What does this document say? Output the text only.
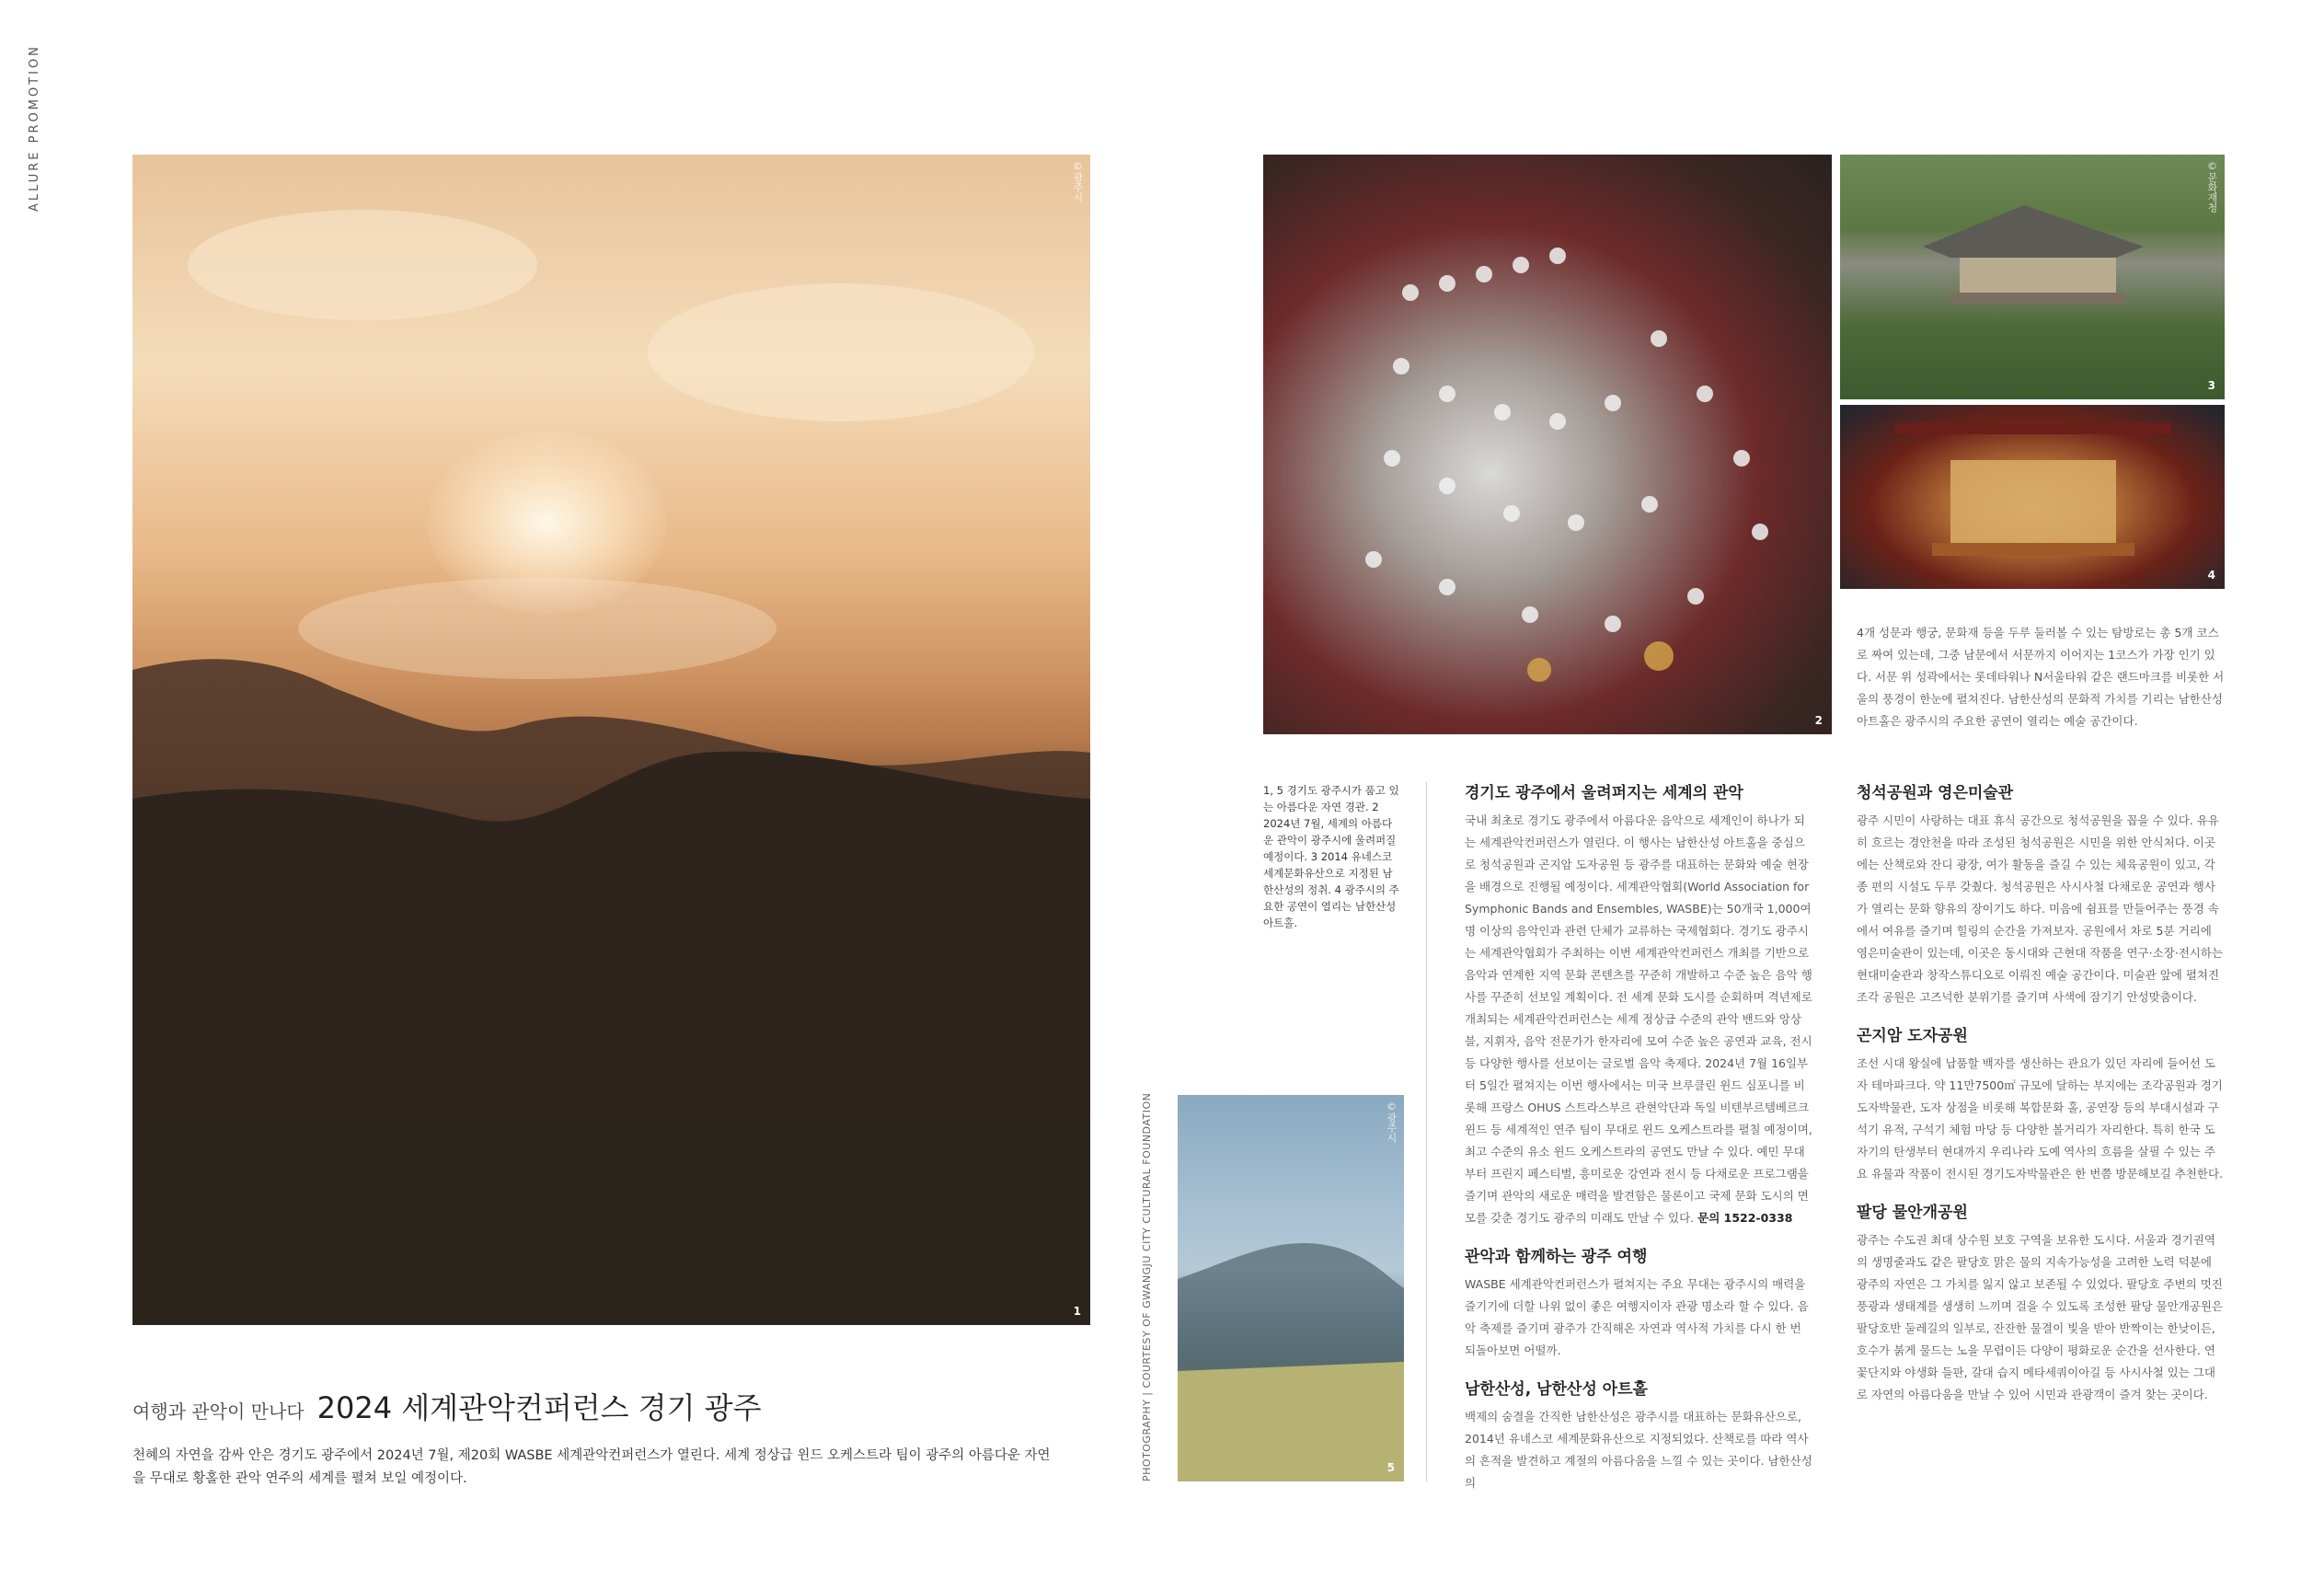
ALLURE PROMOTION	©광주시
1
여행과 관악이 만나다 2024 세계관악컨퍼런스 경기 광주
천혜의 자연을 감싸 안은 경기도 광주에서 2024년 7월, 제20회 WASBE 세계관악컨퍼런스가 열린다. 세계 정상급 윈드 오케스트라 팀이 광주의 아름다운 자연을 무대로 황홀한 관악 연주의 세계를 펼쳐 보일 예정이다.	PHOTOGRAPHY | COURTESY OF GWANGJU CITY CULTURAL FOUNDATION	©광주시
5
2
©문화재청
3
4

4개 성문과 행궁, 문화재 등을 두루 둘러볼 수 있는 탐방로는 총 5개 코스로 짜여 있는데, 그중 남문에서 서문까지 이어지는 1코스가 가장 인기 있다. 서문 위 성곽에서는 롯데타워나 N서울타워 같은 랜드마크를 비롯한 서울의 풍경이 한눈에 펼쳐진다. 남한산성의 문화적 가치를 기리는 남한산성 아트홀은 광주시의 주요한 공연이 열리는 예술 공간이다.

1, 5 경기도 광주시가 품고 있는 아름다운 자연 경관. 2 2024년 7월, 세계의 아름다운 관악이 광주시에 울려퍼질 예정이다. 3 2014 유네스코 세계문화유산으로 지정된 남한산성의 정취. 4 광주시의 주요한 공연이 열리는 남한산성 아트홀.
경기도 광주에서 울려퍼지는 세계의 관악

국내 최초로 경기도 광주에서 아름다운 음악으로 세계인이 하나가 되는 세계관악컨퍼런스가 열린다. 이 행사는 남한산성 아트홀을 중심으로 청석공원과 곤지암 도자공원 등 광주를 대표하는 문화와 예술 현장을 배경으로 진행될 예정이다. 세계관악협회(World Association for Symphonic Bands and Ensembles, WASBE)는 50개국 1,000여 명 이상의 음악인과 관련 단체가 교류하는 국제협회다. 경기도 광주시는 세계관악협회가 주최하는 이번 세계관악컨퍼런스 개최를 기반으로 음악과 연계한 지역 문화 콘텐츠를 꾸준히 개발하고 수준 높은 음악 행사를 꾸준히 선보일 계획이다. 전 세계 문화 도시를 순회하며 격년제로 개최되는 세계관악컨퍼런스는 세계 정상급 수준의 관악 밴드와 앙상블, 지휘자, 음악 전문가가 한자리에 모여 수준 높은 공연과 교육, 전시 등 다양한 행사를 선보이는 글로벌 음악 축제다. 2024년 7월 16일부터 5일간 펼쳐지는 이번 행사에서는 미국 브루클린 윈드 심포니를 비롯해 프랑스 OHUS 스트라스부르 관현악단과 독일 비텐부르템베르크 윈드 등 세계적인 연주 팀이 무대로 윈드 오케스트라를 펼칠 예정이며, 최고 수준의 유소 윈드 오케스트라의 공연도 만날 수 있다. 예민 무대부터 프린지 페스티벌, 흥미로운 강연과 전시 등 다채로운 프로그램을 즐기며 관악의 새로운 매력을 발견함은 물론이고 국제 문화 도시의 면모를 갖춘 경기도 광주의 미래도 만날 수 있다. 문의 1522-0338

관악과 함께하는 광주 여행

WASBE 세계관악컨퍼런스가 펼쳐지는 주요 무대는 광주시의 매력을 즐기기에 더할 나위 없이 좋은 여행지이자 관광 명소라 할 수 있다. 음악 축제를 즐기며 광주가 간직해온 자연과 역사적 가치를 다시 한 번 되돌아보면 어떨까.

남한산성, 남한산성 아트홀

백제의 숨결을 간직한 남한산성은 광주시를 대표하는 문화유산으로, 2014년 유네스코 세계문화유산으로 지정되었다. 산책로를 따라 역사의 흔적을 발견하고 계절의 아름다움을 느낄 수 있는 곳이다. 남한산성의

청석공원과 영은미술관

광주 시민이 사랑하는 대표 휴식 공간으로 청석공원을 꼽을 수 있다. 유유히 흐르는 경안천을 따라 조성된 청석공원은 시민을 위한 안식처다. 이곳에는 산책로와 잔디 광장, 여가 활동을 즐길 수 있는 체육공원이 있고, 각종 편의 시설도 두루 갖췄다. 청석공원은 사시사철 다채로운 공연과 행사가 열리는 문화 향유의 장이기도 하다. 미음에 쉼표를 만들어주는 풍경 속에서 여유를 즐기며 힐링의 순간을 가져보자. 공원에서 차로 5분 거리에 영은미술관이 있는데, 이곳은 동시대와 근현대 작품을 연구·소장·전시하는 현대미술관과 창작스튜디오로 이뤄진 예술 공간이다. 미술관 앞에 펼쳐진 조각 공원은 고즈넉한 분위기를 즐기며 사색에 잠기기 안성맞춤이다.

곤지암 도자공원

조선 시대 왕실에 납품할 백자를 생산하는 관요가 있던 자리에 들어선 도자 테마파크다. 약 11만7500㎡ 규모에 달하는 부지에는 조각공원과 경기도자박물관, 도자 상점을 비롯해 복합문화 홀, 공연장 등의 부대시설과 구석기 유적, 구석기 체험 마당 등 다양한 볼거리가 자리한다. 특히 한국 도자기의 탄생부터 현대까지 우리나라 도예 역사의 흐름을 살필 수 있는 주요 유물과 작품이 전시된 경기도자박물관은 한 번쯤 방문해보길 추천한다.

팔당 물안개공원

광주는 수도권 최대 상수원 보호 구역을 보유한 도시다. 서울과 경기권역의 생명줄과도 같은 팔당호 맑은 물의 지속가능성을 고려한 노력 덕분에 광주의 자연은 그 가치를 잃지 않고 보존될 수 있었다. 팔당호 주변의 멋진 풍광과 생태계를 생생히 느끼며 걸을 수 있도록 조성한 팔당 물안개공원은 팔당호반 둘레길의 일부로, 잔잔한 물결이 빛을 받아 반짝이는 한낮이든, 호수가 붉게 물드는 노을 무렵이든 다양이 평화로운 순간을 선사한다. 연꽃단지와 야생화 들판, 갈대 습지 메타세쿼이아길 등 사시사철 있는 그대로 자연의 아름다움을 만날 수 있어 시민과 관광객이 즐겨 찾는 곳이다.
